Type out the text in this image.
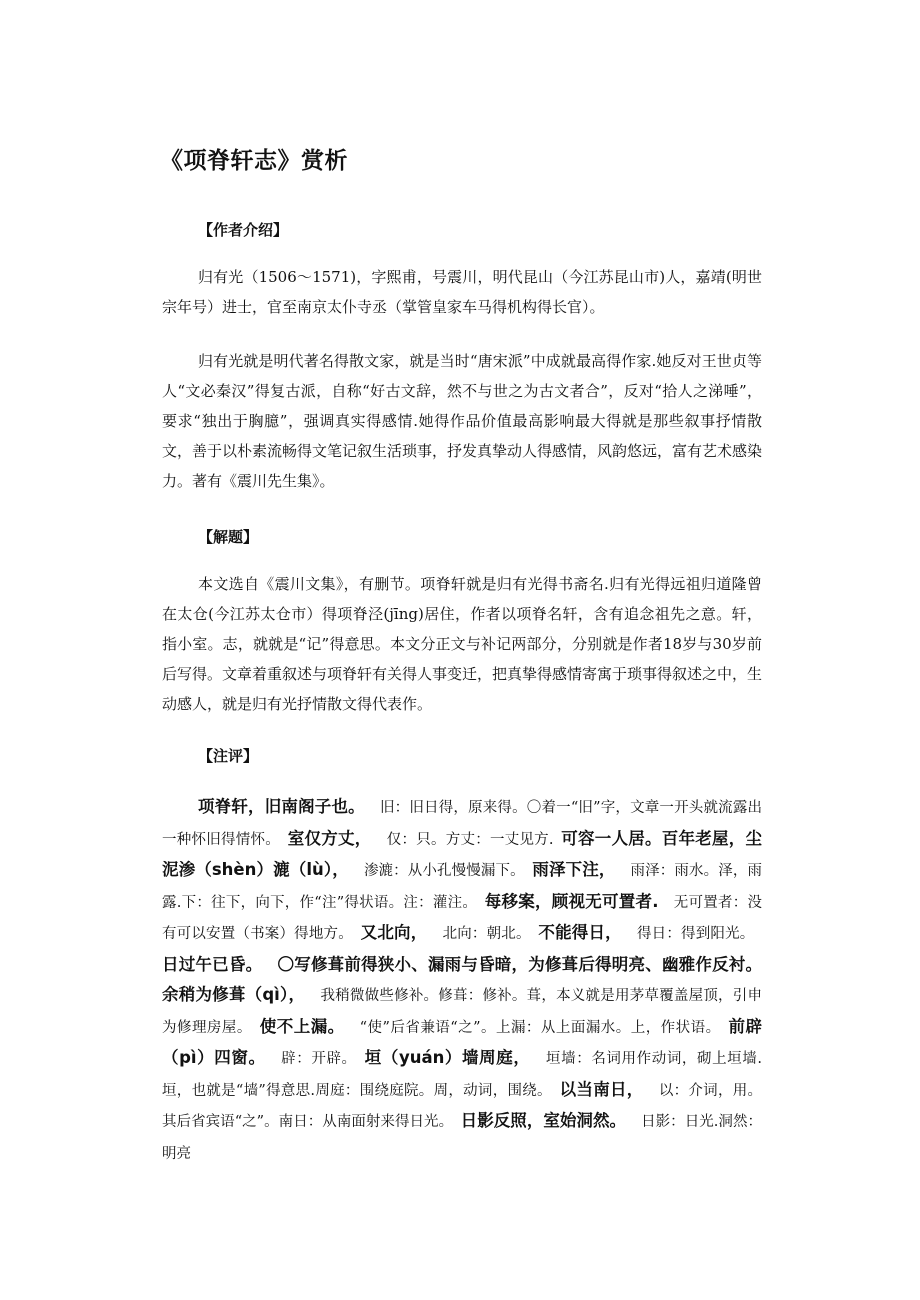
《项脊轩志》赏析
【作者介绍】

归有光（1506～1571)，字熙甫，号震川，明代昆山（今江苏昆山市)人，嘉靖(明世宗年号）进士，官至南京太仆寺丞（掌管皇家车马得机构得长官）。

归有光就是明代著名得散文家，就是当时“唐宋派”中成就最高得作家.她反对王世贞等人“文必秦汉”得复古派，自称“好古文辞，然不与世之为古文者合”，反对“拾人之涕唾”，要求“独出于胸臆”，强调真实得感情.她得作品价值最高影响最大得就是那些叙事抒情散文，善于以朴素流畅得文笔记叙生活琐事，抒发真挚动人得感情，风韵悠远，富有艺术感染力。著有《震川先生集》。

【解题】

本文选自《震川文集》，有删节。项脊轩就是归有光得书斋名.归有光得远祖归道隆曾在太仓(今江苏太仓市）得项脊泾(jīng)居住，作者以项脊名轩，含有追念祖先之意。轩，指小室。志，就就是“记”得意思。本文分正文与补记两部分，分别就是作者18岁与30岁前后写得。文章着重叙述与项脊轩有关得人事变迁，把真挚得感情寄寓于琐事得叙述之中，生动感人，就是归有光抒情散文得代表作。

【注评】

项脊轩，旧南阁子也。  旧：旧日得，原来得。〇着一“旧”字，文章一开头就流露出一种怀旧得情怀。  室仅方丈，  仅：只。方丈：一丈见方.  可容一人居。百年老屋，尘泥渗（shèn）漉（lù），  渗漉：从小孔慢慢漏下。  雨泽下注，  雨泽：雨水。泽，雨露.下：往下，向下，作“注”得状语。注：灌注。  每移案，顾视无可置者.  无可置者：没有可以安置（书案）得地方。  又北向，  北向：朝北。  不能得日，  得日：得到阳光。 日过午已昏。  〇写修葺前得狭小、漏雨与昏暗，为修葺后得明亮、幽雅作反衬。余稍为修葺（qì），  我稍微做些修补。修葺：修补。葺，本义就是用茅草覆盖屋顶，引申为修理房屋。  使不上漏。  “使”后省兼语“之”。上漏：从上面漏水。上，作状语。  前辟（pì）四窗。  辟：开辟。  垣（yuán）墙周庭，  垣墙：名词用作动词，砌上垣墙.垣，也就是“墙”得意思.周庭：围绕庭院。周，动词，围绕。  以当南日，  以：介词，用。其后省宾语“之”。南日：从南面射来得日光。  日影反照，室始洞然。  日影：日光.洞然：明亮 
